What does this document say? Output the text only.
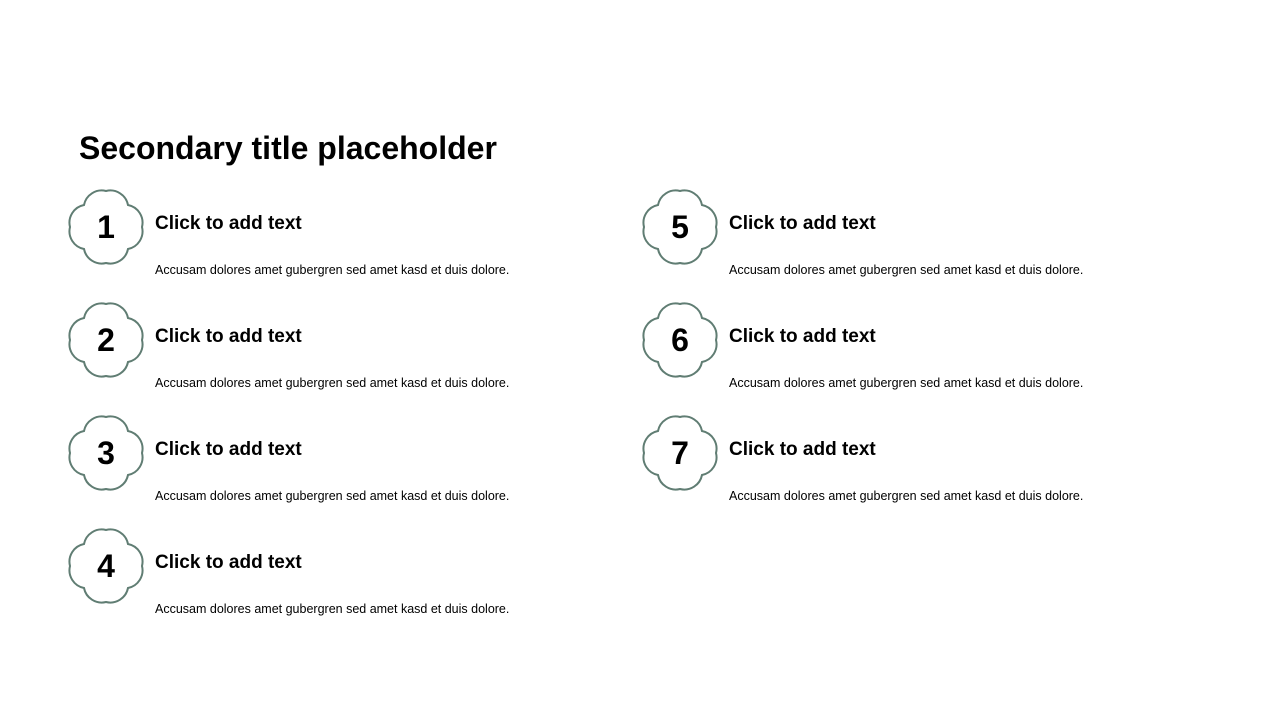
Secondary title placeholder
1	Click to add text
Accusam dolores amet gubergren sed amet kasd et duis dolore.
2	Click to add text
Accusam dolores amet gubergren sed amet kasd et duis dolore.
3	Click to add text
Accusam dolores amet gubergren sed amet kasd et duis dolore.
4	Click to add text
Accusam dolores amet gubergren sed amet kasd et duis dolore.
5	Click to add text
Accusam dolores amet gubergren sed amet kasd et duis dolore.
6	Click to add text
Accusam dolores amet gubergren sed amet kasd et duis dolore.
7	Click to add text
Accusam dolores amet gubergren sed amet kasd et duis dolore.
